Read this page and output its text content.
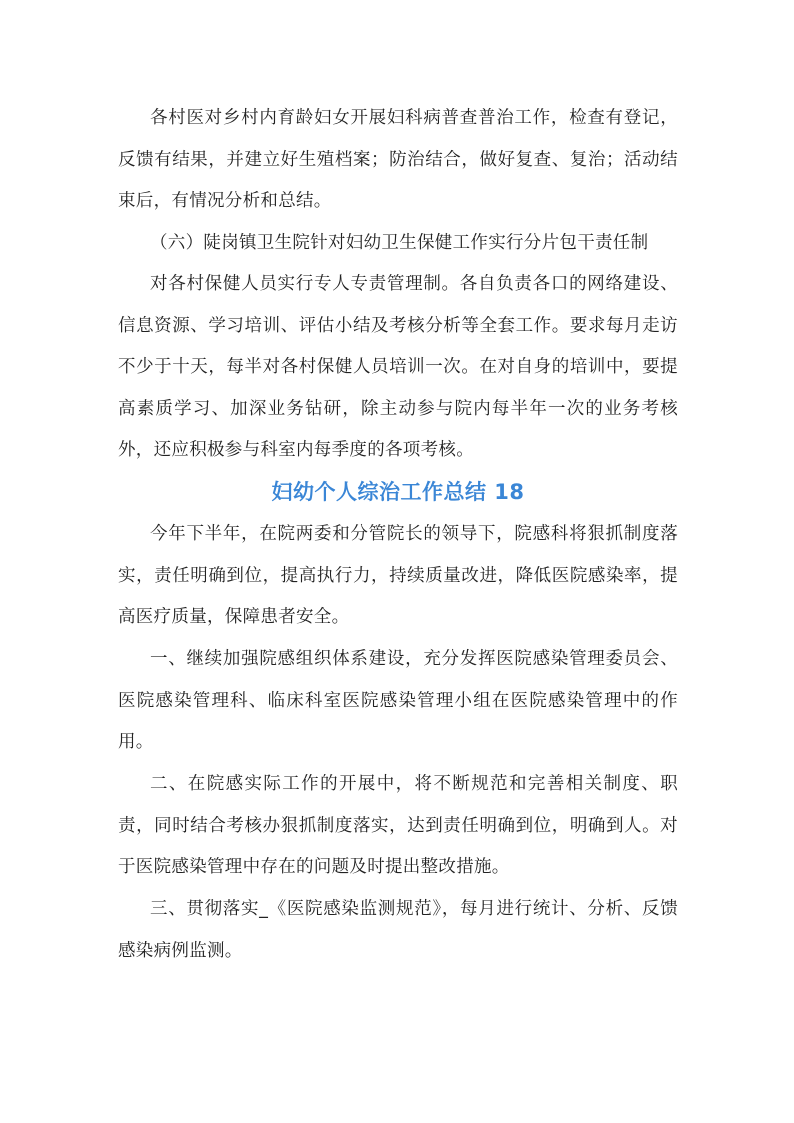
各村医对乡村内育龄妇女开展妇科病普查普治工作，检查有登记，反馈有结果，并建立好生殖档案；防治结合，做好复查、复治；活动结束后，有情况分析和总结。

（六）陡岗镇卫生院针对妇幼卫生保健工作实行分片包干责任制

对各村保健人员实行专人专责管理制。各自负责各口的网络建设、信息资源、学习培训、评估小结及考核分析等全套工作。要求每月走访不少于十天，每半对各村保健人员培训一次。在对自身的培训中，要提高素质学习、加深业务钻研，除主动参与院内每半年一次的业务考核外，还应积极参与科室内每季度的各项考核。

妇幼个人综治工作总结 18

今年下半年，在院两委和分管院长的领导下，院感科将狠抓制度落实，责任明确到位，提高执行力，持续质量改进，降低医院感染率，提高医疗质量，保障患者安全。

一、继续加强院感组织体系建设，充分发挥医院感染管理委员会、医院感染管理科、临床科室医院感染管理小组在医院感染管理中的作用。

二、在院感实际工作的开展中，将不断规范和完善相关制度、职责，同时结合考核办狠抓制度落实，达到责任明确到位，明确到人。对于医院感染管理中存在的问题及时提出整改措施。

三、贯彻落实_《医院感染监测规范》，每月进行统计、分析、反馈感染病例监测。
